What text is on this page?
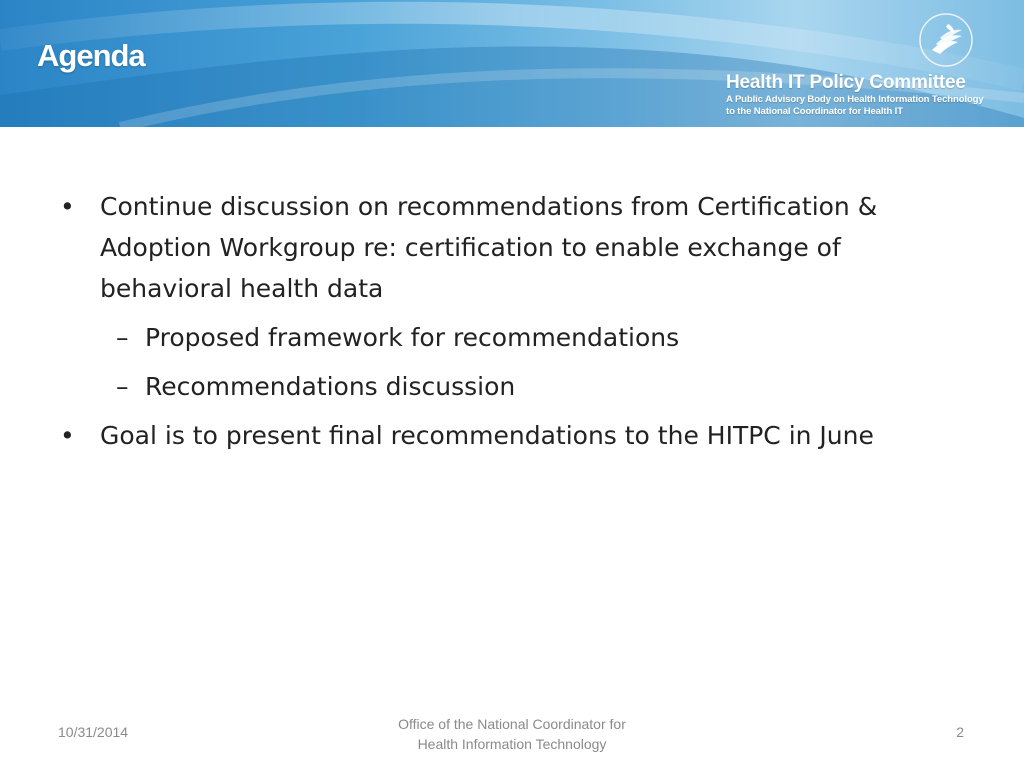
Agenda
Health IT Policy Committee
A Public Advisory Body on Health Information Technology
to the National Coordinator for Health IT
• Continue discussion on recommendations from Certification & Adoption Workgroup re: certification to enable exchange of behavioral health data
– Proposed framework for recommendations
– Recommendations discussion
• Goal is to present final recommendations to the HITPC in June
10/31/2014	Office of the National Coordinator for
Health Information Technology
2
